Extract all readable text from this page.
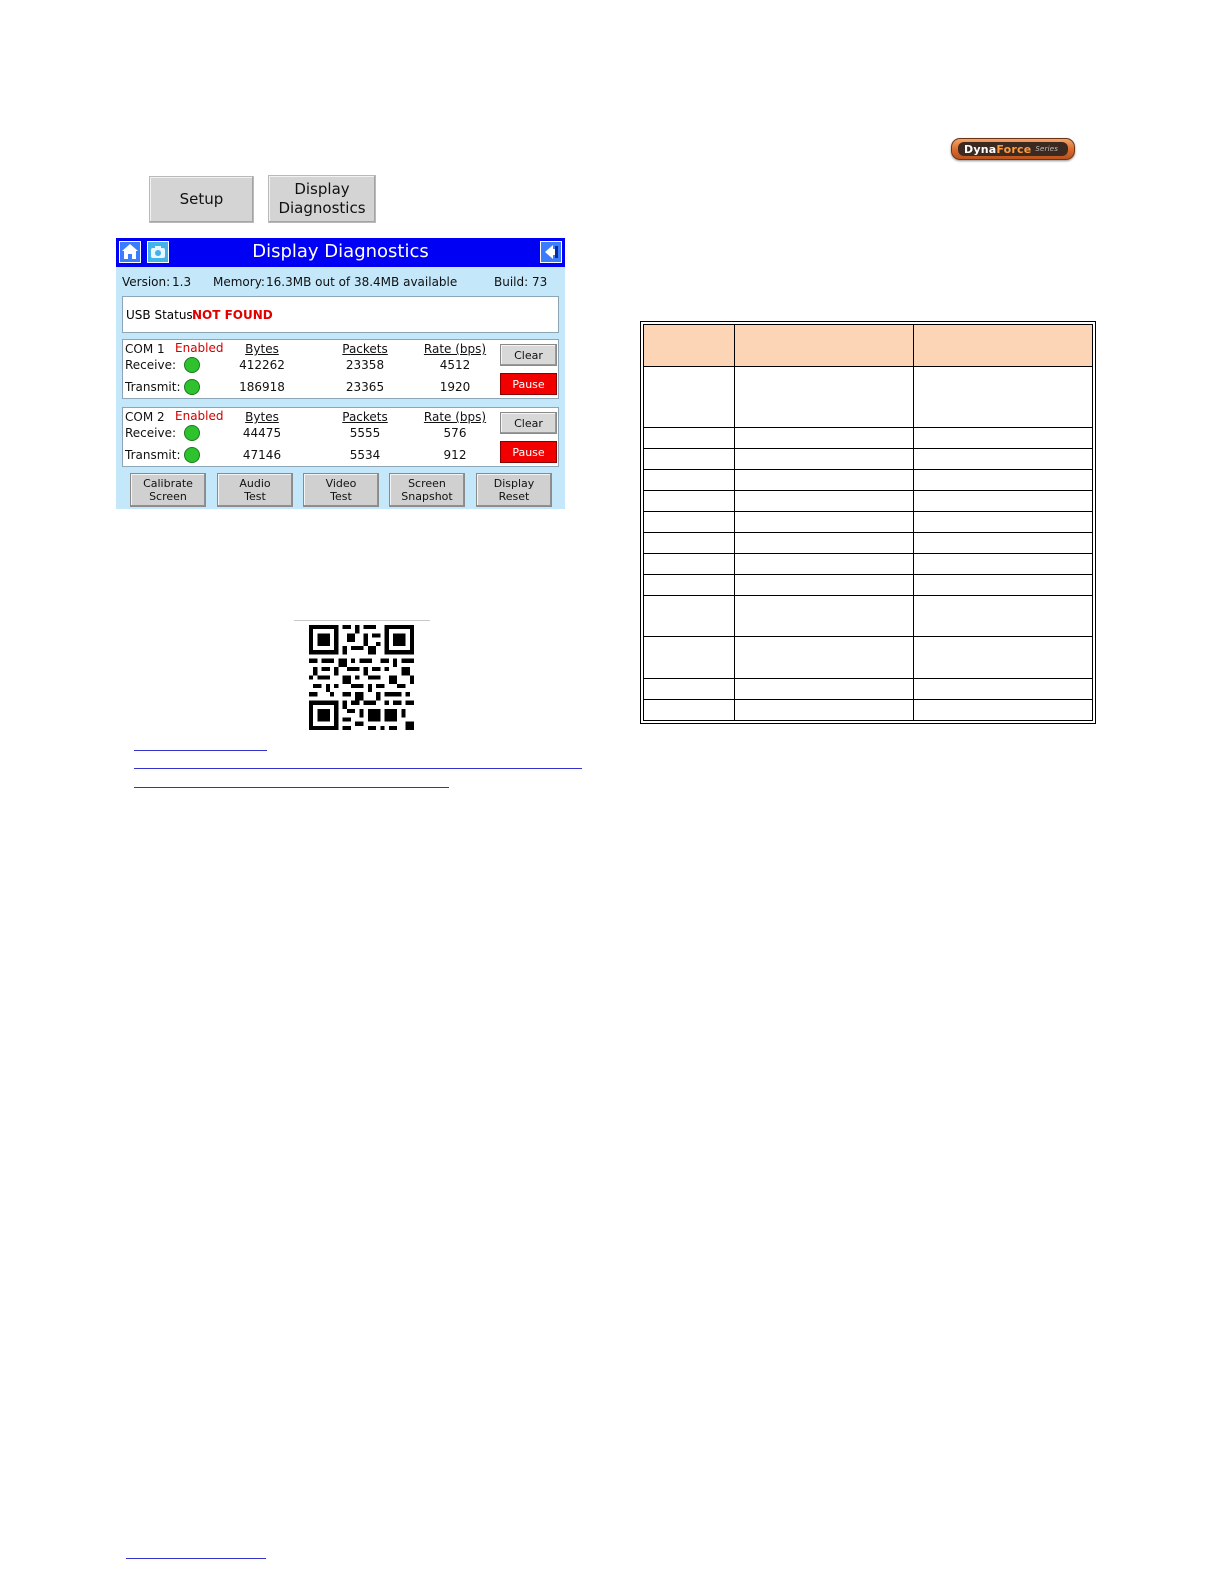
Dyna Force Series
Setup
Display
Diagnostics
Display Diagnostics
Version: 1.3 Memory: 16.3MB out of 38.4MB available	Build: 73
USB Status:
NOT FOUND
COM 1 Enabled Bytes	Packets	Rate (bps)
Receive:	412262	23358	4512
Transmit:	186918	23365	1920
Clear
Pause
COM 2 Enabled Bytes	Packets	Rate (bps)
Receive:	44475	5555	576
Transmit:	47146	5534	912
Clear
Pause
Calibrate
Screen
Audio
Test
Video
Test
Screen
Snapshot
Display
Reset
